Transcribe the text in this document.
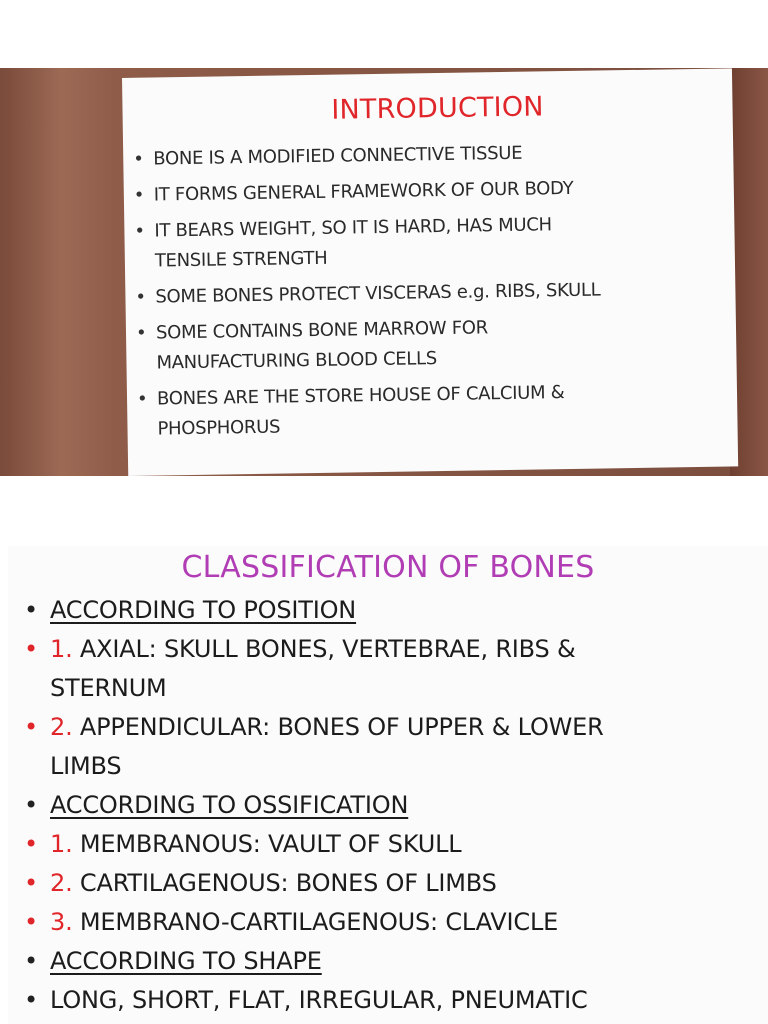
INTRODUCTION
• BONE IS A MODIFIED CONNECTIVE TISSUE
• IT FORMS GENERAL FRAMEWORK OF OUR BODY
• IT BEARS WEIGHT, SO IT IS HARD, HAS MUCH
TENSILE STRENGTH
• SOME BONES PROTECT VISCERAS e.g. RIBS, SKULL
• SOME CONTAINS BONE MARROW FOR
MANUFACTURING BLOOD CELLS
• BONES ARE THE STORE HOUSE OF CALCIUM &
PHOSPHORUS
CLASSIFICATION OF BONES
• ACCORDING TO POSITION
• 1. AXIAL: SKULL BONES, VERTEBRAE, RIBS &
STERNUM
• 2. APPENDICULAR: BONES OF UPPER & LOWER
LIMBS
• ACCORDING TO OSSIFICATION
• 1. MEMBRANOUS: VAULT OF SKULL
• 2. CARTILAGENOUS: BONES OF LIMBS
• 3. MEMBRANO-CARTILAGENOUS: CLAVICLE
• ACCORDING TO SHAPE
• LONG, SHORT, FLAT, IRREGULAR, PNEUMATIC
